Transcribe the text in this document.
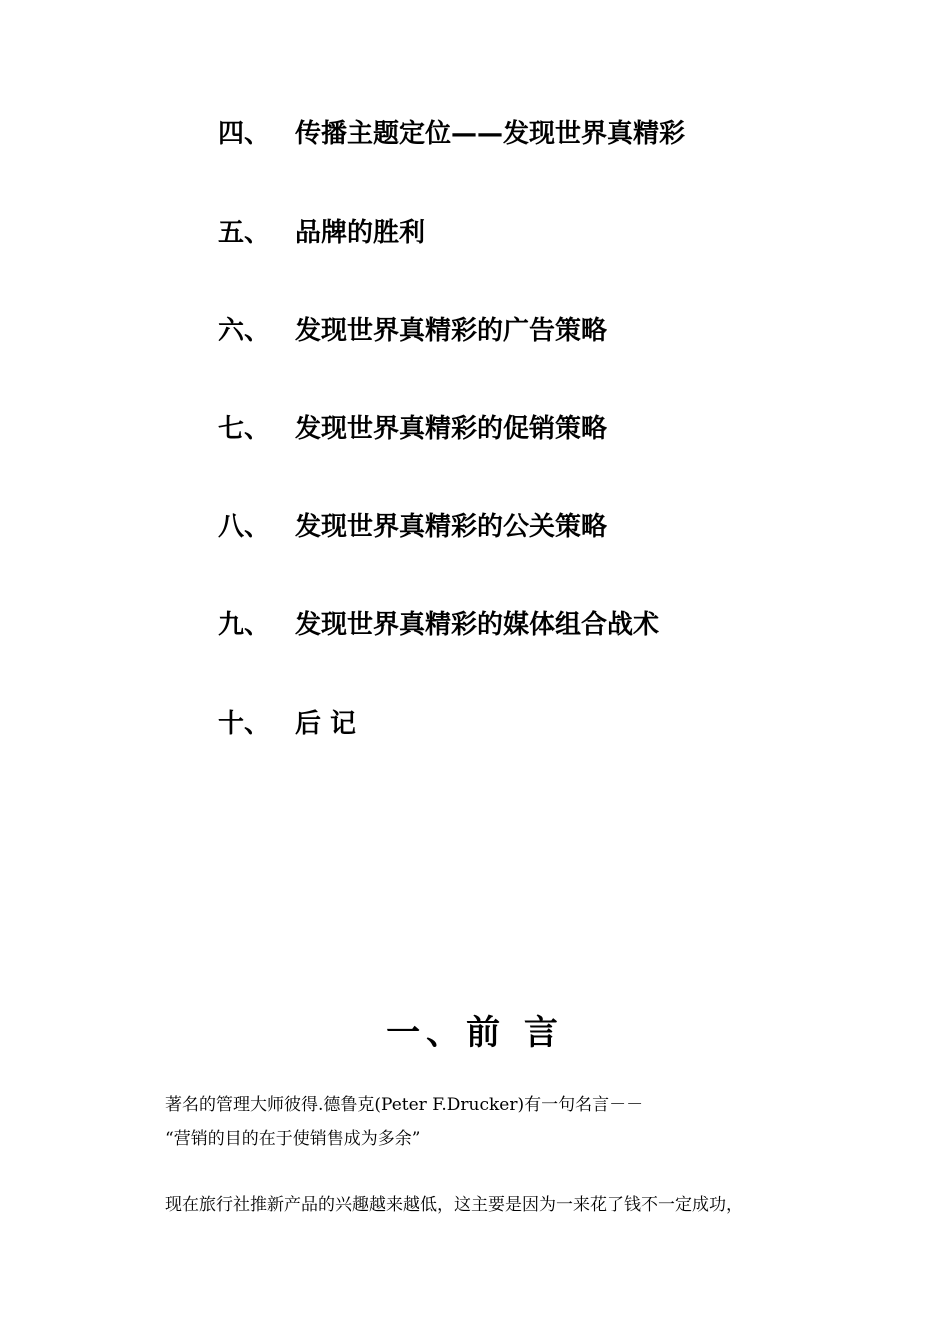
四、 传播主题定位——发现世界真精彩
五、 品牌的胜利
六、 发现世界真精彩的广告策略
七、 发现世界真精彩的促销策略
八、 发现世界真精彩的公关策略
九、 发现世界真精彩的媒体组合战术
十、 后 记
一、前 言
著名的管理大师彼得.德鲁克(Peter F.Drucker)有一句名言－－
“营销的目的在于使销售成为多余”
现在旅行社推新产品的兴趣越来越低，这主要是因为一来花了钱不一定成功，
